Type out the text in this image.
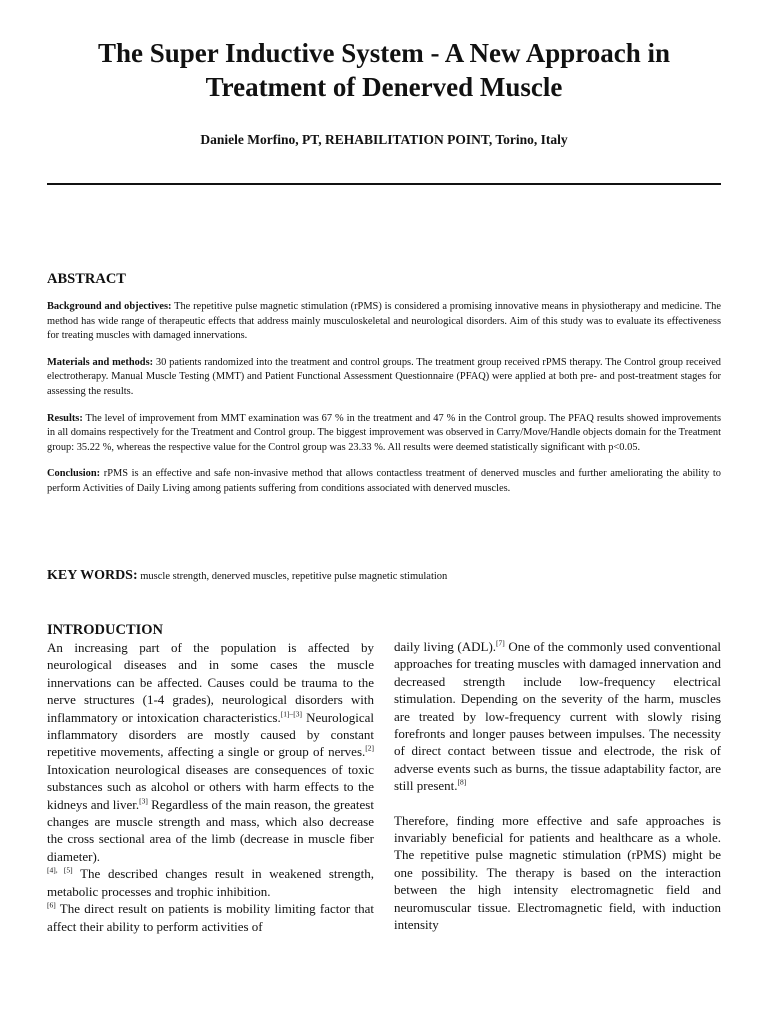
The Super Inductive System - A New Approach in
Treatment of Denerved Muscle
Daniele Morfino, PT, REHABILITATION POINT, Torino, Italy
ABSTRACT

Background and objectives: The repetitive pulse magnetic stimulation (rPMS) is considered a promising innovative means in physiotherapy and medicine. The method has wide range of therapeutic effects that address mainly musculoskeletal and neurological disorders. Aim of this study was to evaluate its effectiveness for treating muscles with damaged innervations.

Materials and methods: 30 patients randomized into the treatment and control groups. The treatment group received rPMS therapy. The Control group received electrotherapy. Manual Muscle Testing (MMT) and Patient Functional Assessment Questionnaire (PFAQ) were applied at both pre- and post-treatment stages for assessing the results.

Results: The level of improvement from MMT examination was 67 % in the treatment and 47 % in the Control group. The PFAQ results showed improvements in all domains respectively for the Treatment and Control group. The biggest improvement was observed in Carry/Move/Handle objects domain for the Treatment group: 35.22 %, whereas the respective value for the Control group was 23.33 %. All results were deemed statistically significant with p<0.05.

Conclusion: rPMS is an effective and safe non-invasive method that allows contactless treatment of denerved muscles and further ameliorating the ability to perform Activities of Daily Living among patients suffering from conditions associated with denerved muscles.

KEY WORDS: muscle strength, denerved muscles, repetitive pulse magnetic stimulation
INTRODUCTION

An increasing part of the population is affected by neurological diseases and in some cases the muscle innervations can be affected. Causes could be trauma to the nerve structures (1-4 grades), neurological disorders with inflammatory or intoxication characteristics.[1]–[3] Neurological inflammatory disorders are mostly caused by constant repetitive movements, affecting a single or group of nerves.[2] Intoxication neurological diseases are consequences of toxic substances such as alcohol or others with harm effects to the kidneys and liver.[3] Regardless of the main reason, the greatest changes are muscle strength and mass, which also decrease the cross sectional area of the limb (decrease in muscle fiber diameter).
[4], [5] The described changes result in weakened strength, metabolic processes and trophic inhibition.
[6] The direct result on patients is mobility limiting factor that affect their ability to perform activities of

daily living (ADL).[7] One of the commonly used conventional approaches for treating muscles with damaged innervation and decreased strength include low-frequency electrical stimulation. Depending on the severity of the harm, muscles are treated by low-frequency current with slowly rising forefronts and longer pauses between impulses. The necessity of direct contact between tissue and electrode, the risk of adverse events such as burns, the tissue adaptability factor, are still present.[8]

Therefore, finding more effective and safe approaches is invariably beneficial for patients and healthcare as a whole. The repetitive pulse magnetic stimulation (rPMS) might be one possibility. The therapy is based on the interaction between the high intensity electromagnetic field and neuromuscular tissue. Electromagnetic field, with induction intensity
